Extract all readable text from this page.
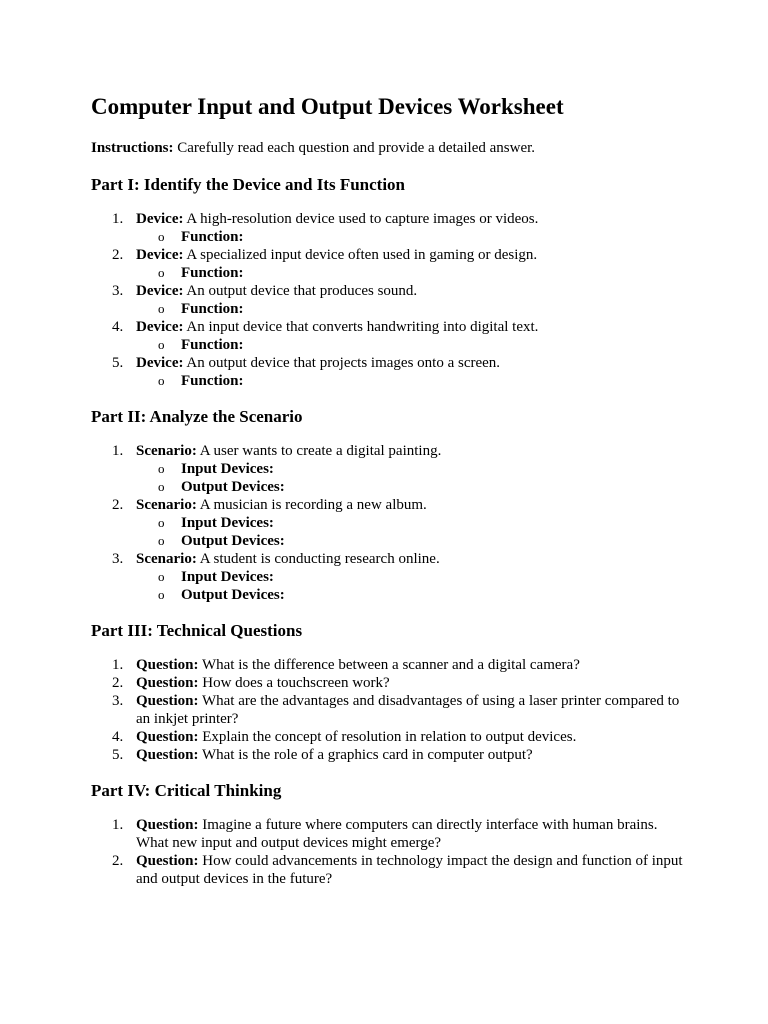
Computer Input and Output Devices Worksheet

Instructions: Carefully read each question and provide a detailed answer.

Part I: Identify the Device and Its Function
1. Device: A high-resolution device used to capture images or videos.
o Function:
2. Device: A specialized input device often used in gaming or design.
o Function:
3. Device: An output device that produces sound.
o Function:
4. Device: An input device that converts handwriting into digital text.
o Function:
5. Device: An output device that projects images onto a screen.
o Function:
Part II: Analyze the Scenario
1. Scenario: A user wants to create a digital painting.
o Input Devices:
o Output Devices:
2. Scenario: A musician is recording a new album.
o Input Devices:
o Output Devices:
3. Scenario: A student is conducting research online.
o Input Devices:
o Output Devices:
Part III: Technical Questions
1. Question: What is the difference between a scanner and a digital camera?
2. Question: How does a touchscreen work?
3. Question: What are the advantages and disadvantages of using a laser printer compared to an inkjet printer?
4. Question: Explain the concept of resolution in relation to output devices.
5. Question: What is the role of a graphics card in computer output?
Part IV: Critical Thinking
1. Question: Imagine a future where computers can directly interface with human brains. What new input and output devices might emerge?
2. Question: How could advancements in technology impact the design and function of input and output devices in the future?
